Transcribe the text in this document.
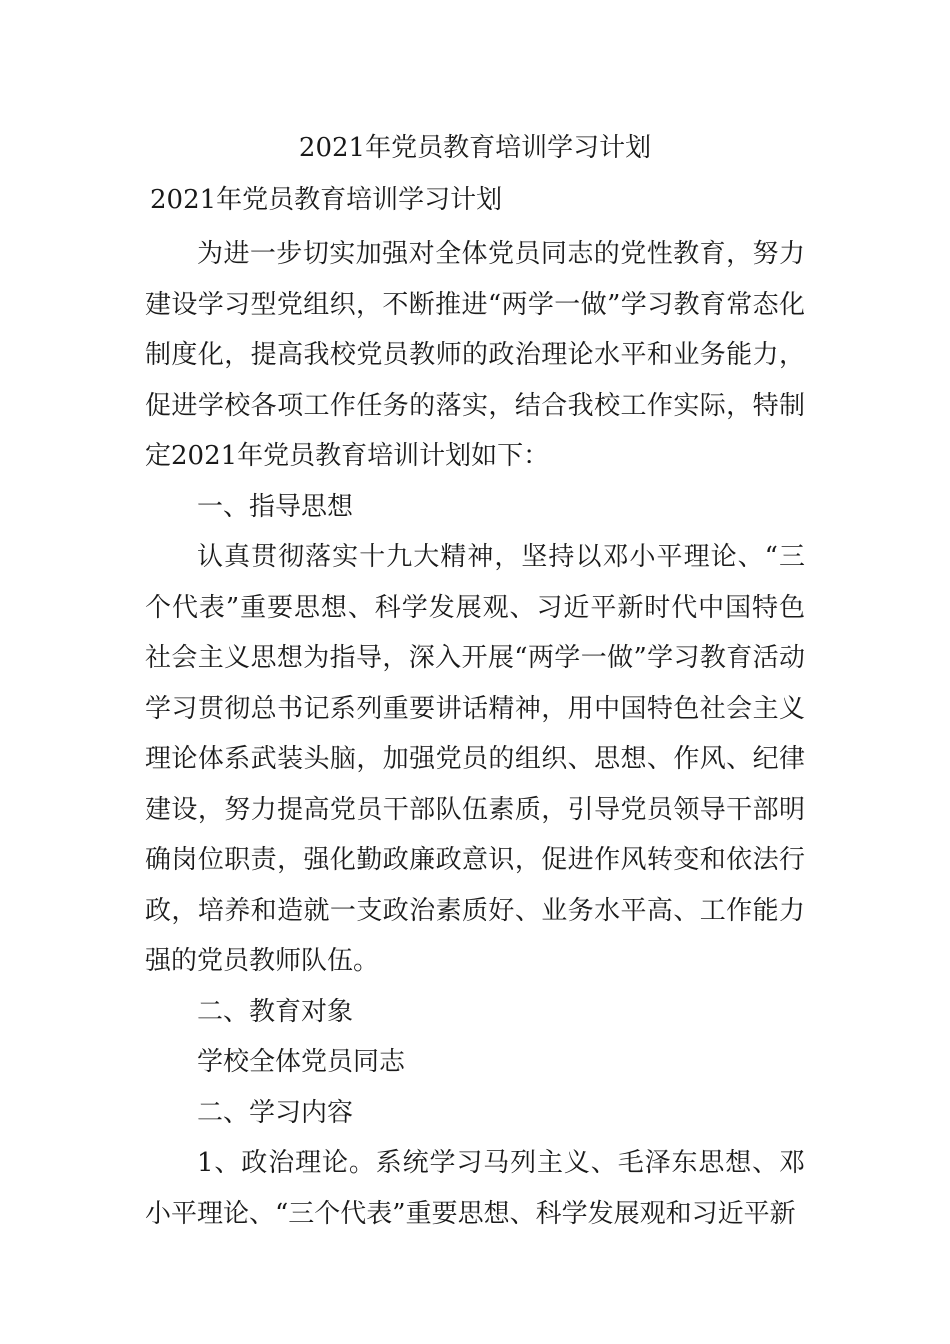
2021年党员教育培训学习计划
2021年党员教育培训学习计划

为进一步切实加强对全体党员同志的党性教育，努力建设学习型党组织，不断推进“两学一做”学习教育常态化制度化，提高我校党员教师的政治理论水平和业务能力，促进学校各项工作任务的落实，结合我校工作实际，特制定2021年党员教育培训计划如下：

一、指导思想

认真贯彻落实十九大精神，坚持以邓小平理论、“三个代表”重要思想、科学发展观、习近平新时代中国特色社会主义思想为指导，深入开展“两学一做”学习教育活动学习贯彻总书记系列重要讲话精神，用中国特色社会主义理论体系武装头脑，加强党员的组织、思想、作风、纪律建设，努力提高党员干部队伍素质，引导党员领导干部明确岗位职责，强化勤政廉政意识，促进作风转变和依法行政，培养和造就一支政治素质好、业务水平高、工作能力强的党员教师队伍。

二、教育对象

学校全体党员同志

二、学习内容

1、政治理论。系统学习马列主义、毛泽东思想、邓小平理论、“三个代表”重要思想、科学发展观和习近平新
